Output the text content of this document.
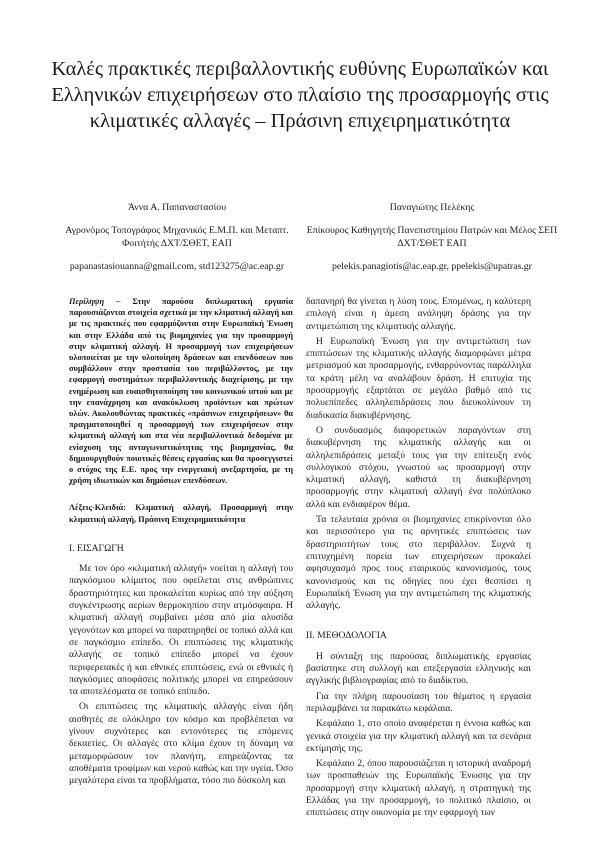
Καλές πρακτικές περιβαλλοντικής ευθύνης Ευρωπαϊκών και Ελληνικών επιχειρήσεων στο πλαίσιο της προσαρμογής στις κλιματικές αλλαγές – Πράσινη επιχειρηματικότητα
Άννα Α. Παπαναστασίου
Αγρονόμος Τοπογράφος Μηχανικός Ε.Μ.Π. και Μεταπτ. Φοιτήτής ΔΧΤ/ΣΘΕΤ, ΕΑΠ
papanastasiouanna@gmail.com, std123275@ac.eap.gr
Παναγιώτης Πελέκης
Επίκουρος Καθηγητής Πανεπιστημίου Πατρών και Μέλος ΣΕΠ ΔΧΤ/ΣΘΕΤ ΕΑΠ
pelekis.panagiotis@ac.eap.gr, ppelekis@upatras.gr

Περίληψη – Στην παρούσα διπλωματική εργασία παρουσιάζονται στοιχεία σχετικά με την κλιματική αλλαγή και με τις πρακτικές που εφαρμόζονται στην Ευρωπαϊκή Ένωση και στην Ελλάδα από τις βιομηχανίες για την προσαρμογή στην κλιματική αλλαγή. Η προσαρμογή των επιχειρήσεων υλοποιείται με την υλοποίηση δράσεων και επενδύσεων που συμβάλλουν στην προστασία του περιβάλλοντος, με την εφαρμογή συστημάτων περιβαλλοντικής διαχείρισης, με την ενημέρωση και ευαισθητοποίηση του κοινωνικού ιστού και με την επανάχρηση και ανακύκλωση προϊόντων και πρώτων υλών. Ακολουθώντας πρακτικές «πράσινων επιχειρήσεων» θα πραγματοποιηθεί η προσαρμογή των επιχειρήσεων στην κλιματική αλλαγή και στα νέα περιβαλλοντικά δεδομένα με ενίσχυση της ανταγωνιστικότητας της βιομηχανίας, θα δημιουργηθούν ποιοτικές θέσεις εργασίας και θα προσεγγιστεί ο στόχος της Ε.Ε. προς την ενεργειακή ανεξαρτησία, με τη χρήση ιδιωτικών και δημόσιων επενδύσεων.

Λέξεις-Κλειδιά: Κλιματική αλλαγή, Προσαρμογή στην κλιματική αλλαγή, Πράσινη Επιχειρηματικότητα

I. ΕΙΣΑΓΩΓΗ

Με τον όρο «κλιματική αλλαγή» νοείται η αλλαγή του παγκόσμιου κλίματος που οφείλεται στις ανθρώπινες δραστηριότητες και προκαλείται κυρίως από την αύξηση συγκέντρωσης αερίων θερμοκηπίου στην ατμόσφαιρα. Η κλιματική αλλαγή συμβαίνει μέσα από μία αλυσίδα γεγονότων και μπορεί να παρατηρηθεί σε τοπικό αλλά και σε παγκόσμιο επίπεδο. Οι επιπτώσεις της κλιματικής αλλαγής σε τοπικό επίπεδο μπορεί να έχουν περιφερειακές ή και εθνικές επιπτώσεις, ενώ οι εθνικές ή παγκόσμιες αποφάσεις πολιτικής μπορεί να επηρεάσουν τα αποτελέσματα σε τοπικό επίπεδο.

Οι επιπτώσεις της κλιματικής αλλαγής είναι ήδη αισθητές σε ολόκληρο τον κόσμο και προβλέπεται να γίνουν συχνότερες και εντονότερες τις επόμενες δεκαετίες. Οι αλλαγές στο κλίμα έχουν τη δύναμη να μεταμορφώσουν τον πλανήτη, επηρεάζοντας τα αποθέματα τροφίμων και νερού καθώς και την υγεία. Όσο μεγαλύτερα είναι τα προβλήματα, τόσο πιο δύσκολη και

δαπανηρή θα γίνεται η λύση τους. Επομένως, η καλύτερη επιλογή είναι η άμεση ανάληψη δράσης για την αντιμετώπιση της κλιματικής αλλαγής.

Η Ευρωπαϊκή Ένωση για την αντιμετώπιση των επιπτώσεων της κλιματικής αλλαγής διαμορφώνει μέτρα μετριασμού και προσαρμογής, ενθαρρύνοντας παράλληλα τα κράτη μέλη να αναλάβουν δράση. Η επιτυχία της προσαρμογής εξαρτάται σε μεγάλο βαθμό από τις πολυεπίπεδες αλληλεπιδράσεις που διευκολύνουν τη διαδικασία διακυβέρνησης.

Ο συνδυασμός διαφορετικών παραγόντων στη διακυβέρνηση της κλιματικής αλλαγής και οι αλληλεπιδράσεις μεταξύ τους για την επίτευξη ενός συλλογικού στόχου, γνωστού ως προσαρμογή στην κλιματική αλλαγή, καθιστά τη διακυβέρνηση προσαρμογής στην κλιματική αλλαγή ένα πολύπλοκο αλλά και ενδιαφέρον θέμα.

Τα τελευταία χρόνια οι βιομηχανίες επικρίνονται όλο και περισσότερο για τις αρνητικές επιπτώσεις των δραστηριοτήτων τους στο περιβάλλον. Συχνά η επιτυχημένη πορεία των επιχειρήσεων προκαλεί αφησυχασμό προς τους εταιρικούς κανονισμούς, τους κανονισμούς και τις οδηγίες που έχει θεσπίσει η Ευρωπαϊκή Ένωση για την αντιμετώπιση της κλιματικής αλλαγής.

II. ΜΕΘΟΔΟΛΟΓΙΑ

Η σύνταξη της παρούσας διπλωματικής εργασίας βασίστηκε στη συλλογή και επεξεργασία ελληνικής και αγγλικής βιβλιογραφίας από το διαδίκτυο.

Για την πλήρη παρουσίαση του θέματος η εργασία περιλαμβάνει τα παρακάτω κεφάλαια.

Κεφάλαιο 1, στο οποίο αναφέρεται η έννοια καθώς και γενικά στοιχεία για την κλιματική αλλαγή και τα σενάρια εκτίμησής της.

Κεφάλαιο 2, όπου παρουσιάζεται η ιστορική αναδρομή των προσπαθειών της Ευρωπαϊκής Ένωσης για την προσαρμογή στην κλιματική αλλαγή, η στρατηγική της Ελλάδας για την προσαρμογή, το πολιτικό πλαίσιο, οι επιπτώσεις στην οικονομία με την εφαρμογή των
